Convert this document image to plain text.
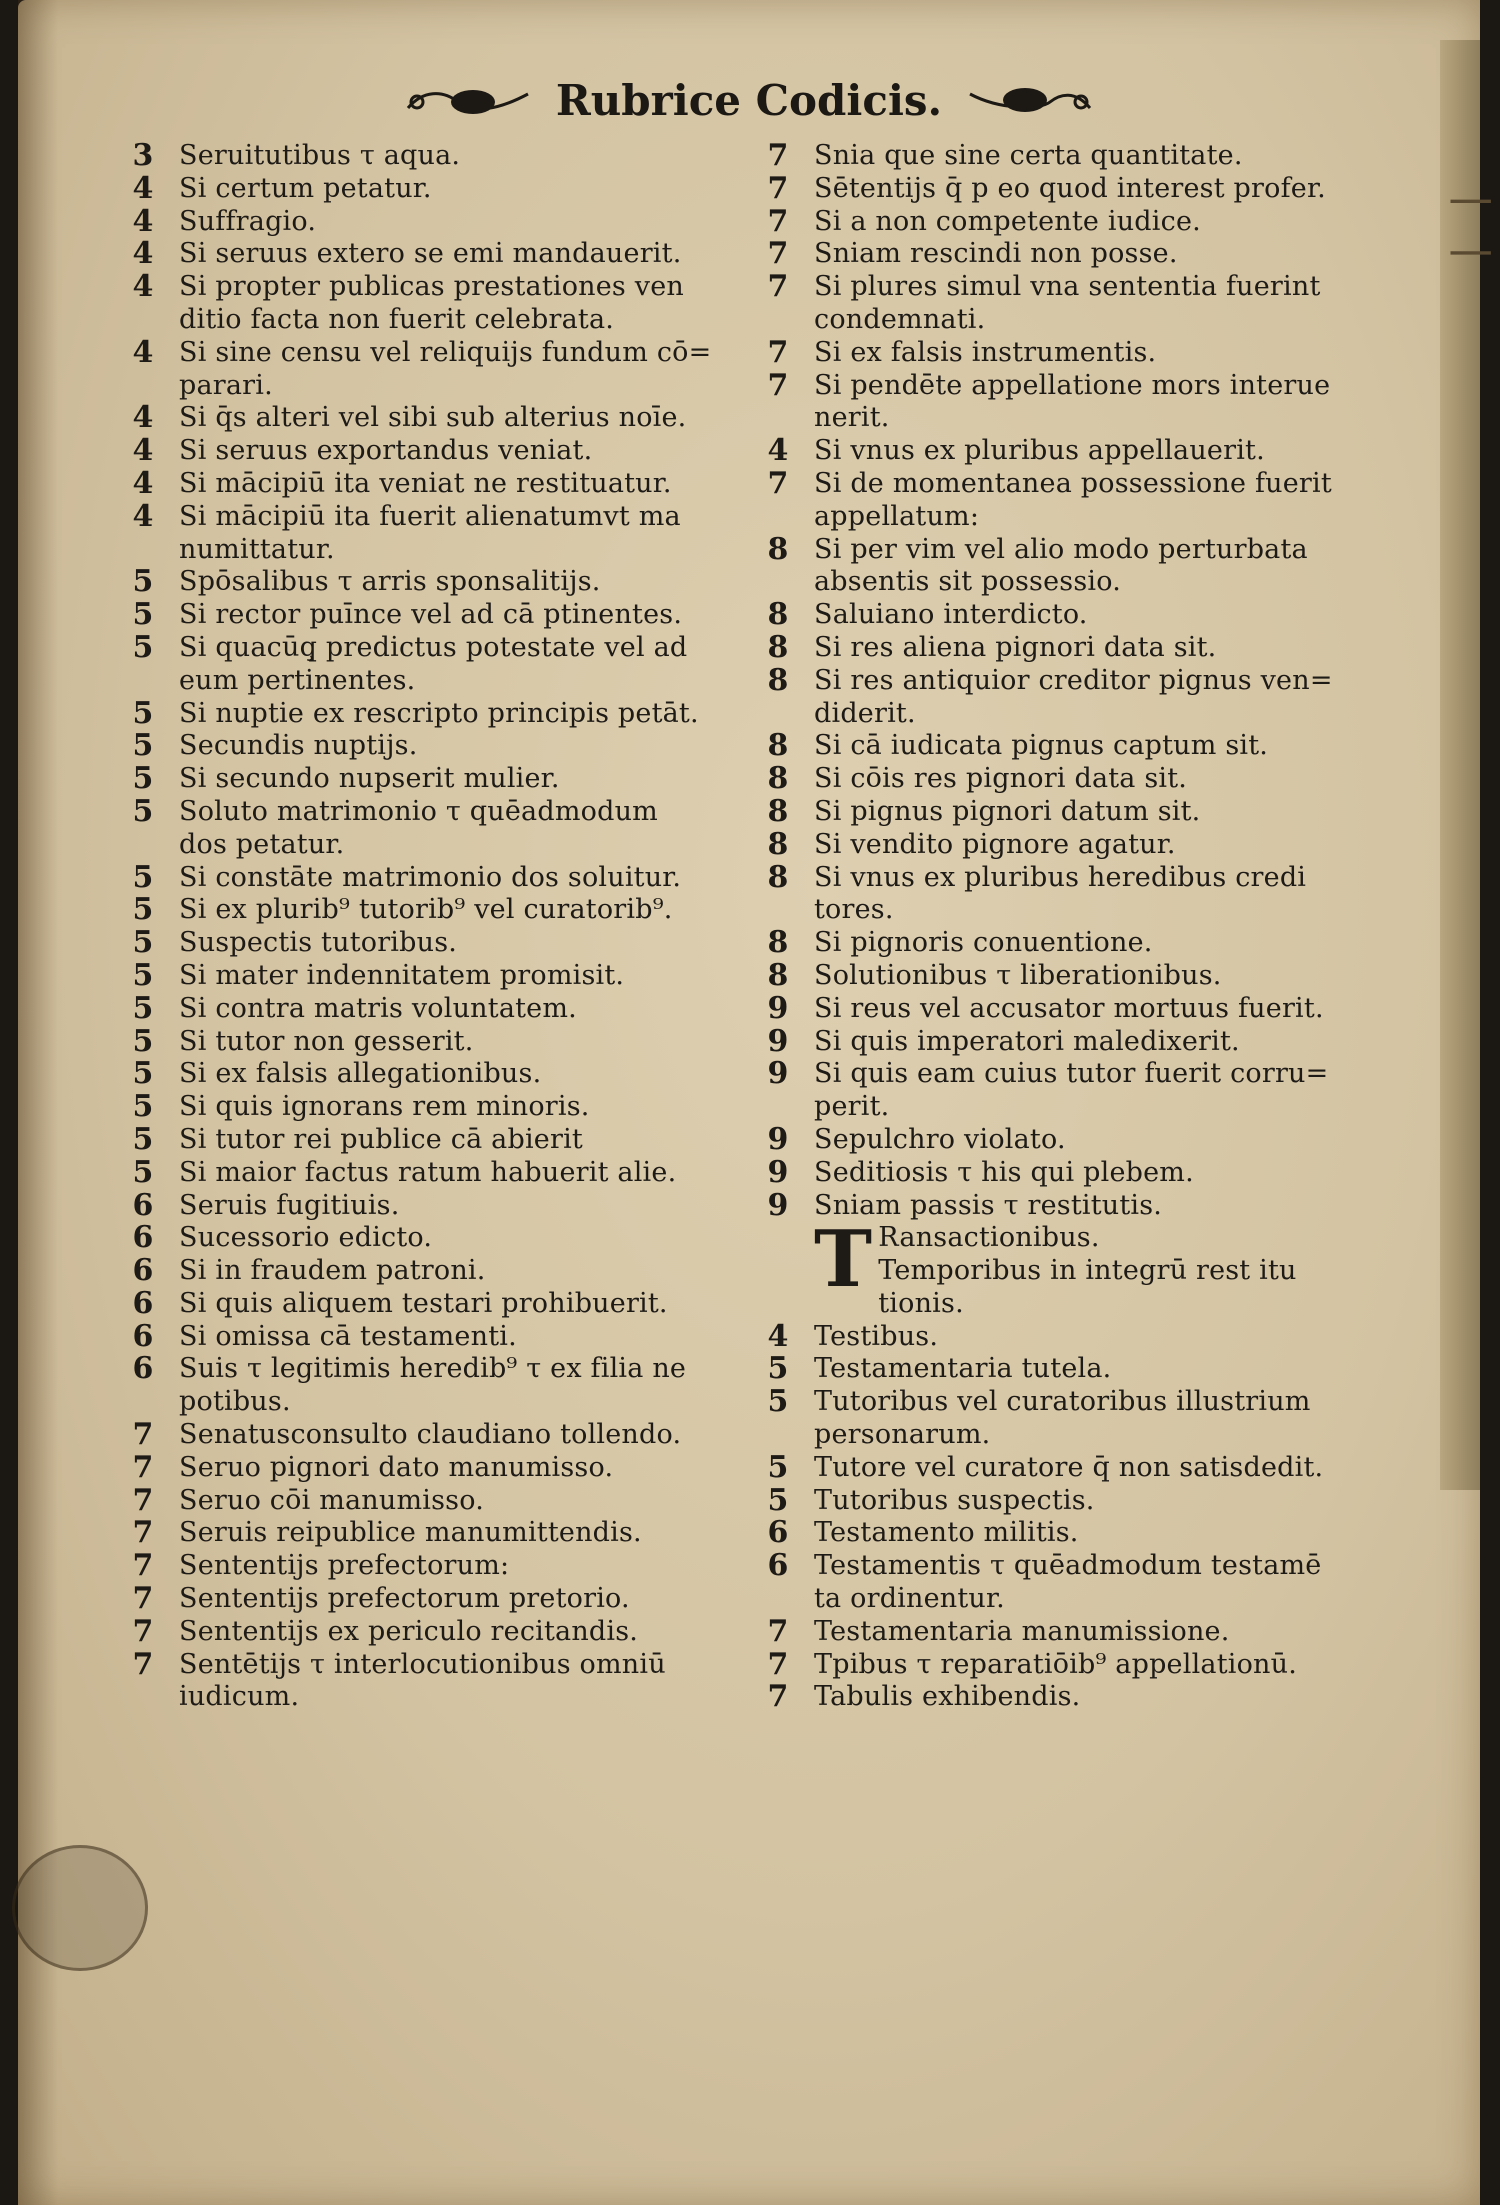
Rubrice Codicis.
3 Seruitutibus τ aqua.
4 Si certum petatur.
4 Suffragio.
4 Si seruus extero se emi mandauerit.
4 Si propter publicas prestationes ven
ditio facta non fuerit celebrata.
4 Si sine censu vel reliquijs fundum cō=
parari.
4 Si q̄s alteri vel sibi sub alterius noīe.
4 Si seruus exportandus veniat.
4 Si mācipiū ita veniat ne restituatur.
4 Si mācipiū ita fuerit alienatumvt ma
numittatur.
5 Spōsalibus τ arris sponsalitijs.
5 Si rector puīnce vel ad cā ptinentes.
5 Si quacūq̧ predictus potestate vel ad
eum pertinentes.
5 Si nuptie ex rescripto principis petāt.
5 Secundis nuptijs.
5 Si secundo nupserit mulier.
5 Soluto matrimonio τ quēadmodum
dos petatur.
5 Si constāte matrimonio dos soluitur.
5 Si ex plurib⁹ tutorib⁹ vel curatorib⁹.
5 Suspectis tutoribus.
5 Si mater indennitatem promisit.
5 Si contra matris voluntatem.
5 Si tutor non gesserit.
5 Si ex falsis allegationibus.
5 Si quis ignorans rem minoris.
5 Si tutor rei publice cā abierit
5 Si maior factus ratum habuerit alie.
6 Seruis fugitiuis.
6 Sucessorio edicto.
6 Si in fraudem patroni.
6 Si quis aliquem testari prohibuerit.
6 Si omissa cā testamenti.
6 Suis τ legitimis heredib⁹ τ ex filia ne
potibus.
7 Senatusconsulto claudiano tollendo.
7 Seruo pignori dato manumisso.
7 Seruo cōi manumisso.
7 Seruis reipublice manumittendis.
7 Sententijs prefectorum:
7 Sententijs prefectorum pretorio.
7 Sententijs ex periculo recitandis.
7 Sentētijs τ interlocutionibus omniū
iudicum.
7 Snia que sine certa quantitate.
7 Sētentijs q̄ p eo quod interest profer.
7 Si a non competente iudice.
7 Sniam rescindi non posse.
7 Si plures simul vna sententia fuerint
condemnati.
7 Si ex falsis instrumentis.
7 Si pendēte appellatione mors interue
nerit.
4 Si vnus ex pluribus appellauerit.
7 Si de momentanea possessione fuerit
appellatum:
8 Si per vim vel alio modo perturbata
absentis sit possessio.
8 Saluiano interdicto.
8 Si res aliena pignori data sit.
8 Si res antiquior creditor pignus ven=
diderit.
8 Si cā iudicata pignus captum sit.
8 Si cōis res pignori data sit.
8 Si pignus pignori datum sit.
8 Si vendito pignore agatur.
8 Si vnus ex pluribus heredibus credi
tores.
8 Si pignoris conuentione.
8 Solutionibus τ liberationibus.
9 Si reus vel accusator mortuus fuerit.
9 Si quis imperatori maledixerit.
9 Si quis eam cuius tutor fuerit corru=
perit.
9 Sepulchro violato.
9 Seditiosis τ his qui plebem.
9 Sniam passis τ restitutis.
T Ransactionibus.
Temporibus in integrū rest itu
tionis.
4 Testibus.
5 Testamentaria tutela.
5 Tutoribus vel curatoribus illustrium
personarum.
5 Tutore vel curatore q̄ non satisdedit.
5 Tutoribus suspectis.
6 Testamento militis.
6 Testamentis τ quēadmodum testamē
ta ordinentur.
7 Testamentaria manumissione.
7 Tpibus τ reparatiōib⁹ appellationū.
7 Tabulis exhibendis.
▏▕
